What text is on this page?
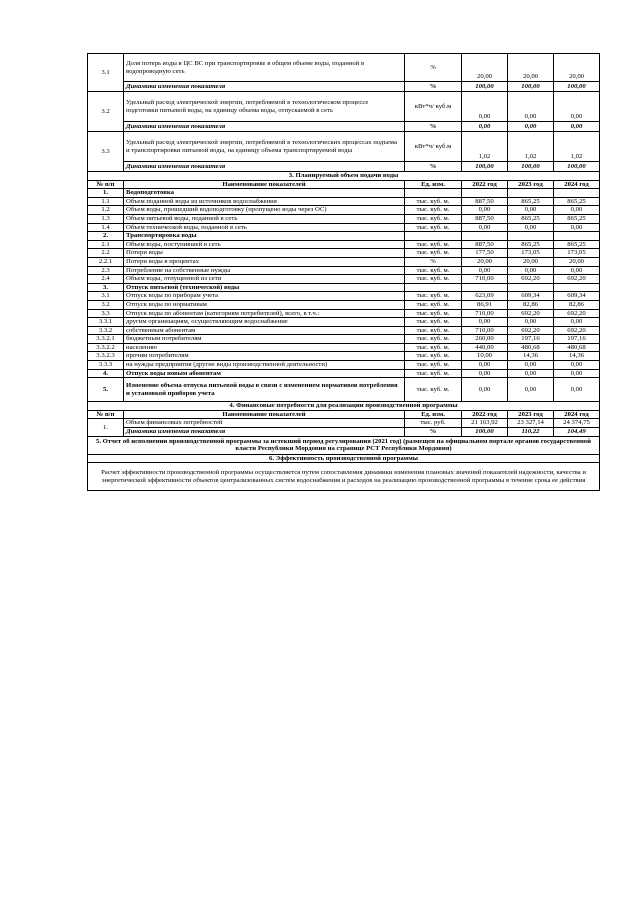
3.1	Доля потерь воды в ЦС ВС при транспортировке в общем объеме воды, поданной в водопроводную сеть	%	20,00	20,00	20,00
	Динамика изменения показателя	%	100,00	100,00	100,00
3.2	Удельный расход электрической энергии, потребляемой в технологическом процессе подготовки питьевой воды, на единицу объема воды, отпускаемой в сеть	кВт*ч/ куб.м	0,00	0,00	0,00
	Динамика изменения показателя	%	0,00	0,00	0,00
3.3	Удельный расход электрической энергии, потребляемой в технологических процессах подъема и транспортировки питьевой воды, на единицу объема транспортируемой воды	кВт*ч/ куб.м	1,02	1,02	1,02
	Динамика изменения показателя	%	100,00	100,00	100,00
3. Планируемый объем подачи воды					
№ п/п	Наименование показателей	Ед. изм.	2022 год	2023 год	2024 год
1.	Водоподготовка				
1.1	Объем поданной воды из источников водоснабжения	тыс. куб. м.	887,50	865,25	865,25
1.2	Объем воды, прошедший водоподготовку (пропущено воды через ОС)	тыс. куб. м.	0,00	0,00	0,00
1.3	Объем питьевой воды, поданной в сеть	тыс. куб. м.	887,50	865,25	865,25
1.4	Объем технической воды, поданной в сеть	тыс. куб. м.	0,00	0,00	0,00
2.	Транспортировка воды				
2.1	Объем воды, поступившей в сеть	тыс. куб. м.	887,50	865,25	865,25
2.2	Потери воды	тыс. куб. м.	177,50	173,05	173,05
2.2.1	Потери воды в процентах	%	20,00	20,00	20,00
2.3	Потребление на собственные нужды	тыс. куб. м.	0,00	0,00	0,00
2.4	Объем воды, отпущенной из сети	тыс. куб. м.	710,00	692,20	692,20
3.	Отпуск питьевой (технической) воды				
3.1	Отпуск воды по приборам учета	тыс. куб. м.	623,09	609,34	609,34
3.2	Отпуск воды по нормативам	тыс. куб. м.	86,91	82,86	82,86
3.3	Отпуск воды по абонентам (категориям потребителей), всего, в т.ч.:	тыс. куб. м.	710,00	692,20	692,20
3.3.1	другим организациям, осуществляющим водоснабжение	тыс. куб. м.	0,00	0,00	0,00
3.3.2	собственным абонентам	тыс. куб. м.	710,00	692,20	692,20
3.3.2.1	бюджетным потребителям	тыс. куб. м.	260,00	197,16	197,16
3.3.2.2	населению	тыс. куб. м.	440,00	480,68	480,68
3.3.2.3	прочим потребителям	тыс. куб. м.	10,00	14,36	14,36
3.3.3	на нужды предприятия (другие виды производственной деятельности)	тыс. куб. м.	0,00	0,00	0,00
4.	Отпуск воды новым абонентам	тыс. куб. м.	0,00	0,00	0,00
5.	Изменение объема отпуска питьевой воды в связи с изменением нормативов потребления и установкой приборов учета	тыс. куб. м.	0,00	0,00	0,00
4. Финансовые потребности для реализации производственной программы					
№ п/п	Наименование показателей	Ед. изм.	2022 год	2023 год	2024 год
1.	Объем финансовых потребностей	тыс. руб.	21 163,92	23 327,14	24 374,75
	Динамика изменения показателя	%	100,00	110,22	104,49
5. Отчет об исполнении производственной программы за истекший период регулирования (2021 год) (размещен на официальном портале органов государственной власти Республики Мордовия на странице РСТ Республики Мордовия)					
6. Эффективность производственной программы					
Расчет эффективности производственной программы осуществляется путем сопоставления динамики изменения плановых значений показателей надежности, качества и энергетической эффективности объектов централизованных систем водоснабжения и расходов на реализацию производственной программы в течение срока ее действия					
